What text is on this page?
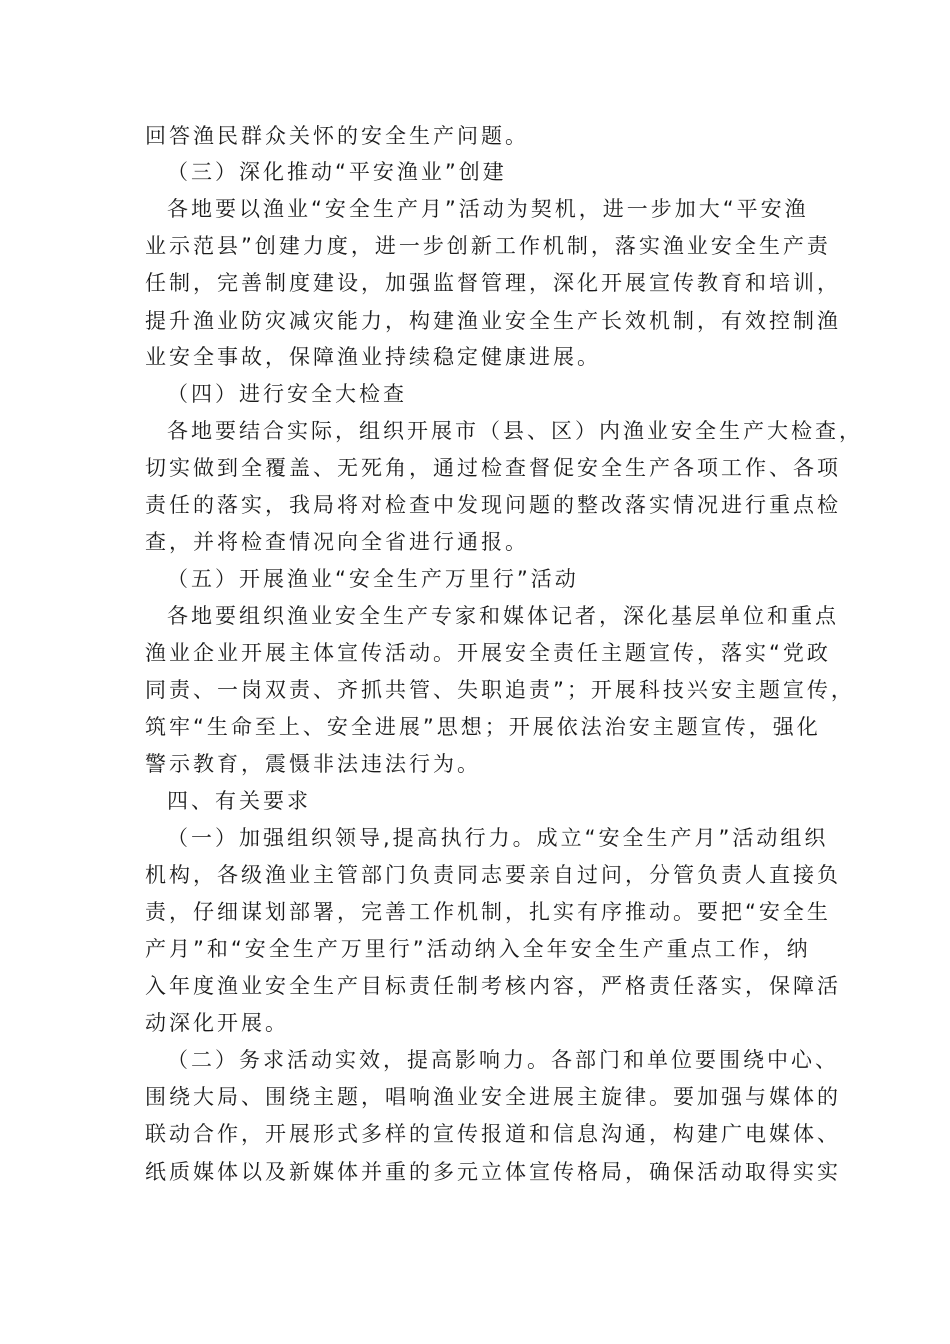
回答渔民群众关怀的安全生产问题。

（三）深化推动“平安渔业”创建

各地要以渔业“安全生产月”活动为契机，进一步加大“平安渔

业示范县”创建力度，进一步创新工作机制，落实渔业安全生产责

任制，完善制度建设，加强监督管理，深化开展宣传教育和培训，

提升渔业防灾减灾能力，构建渔业安全生产长效机制，有效控制渔

业安全事故，保障渔业持续稳定健康进展。

（四）进行安全大检查

各地要结合实际，组织开展市（县、区）内渔业安全生产大检查，

切实做到全覆盖、无死角，通过检查督促安全生产各项工作、各项

责任的落实，我局将对检查中发现问题的整改落实情况进行重点检

查，并将检查情况向全省进行通报。

（五）开展渔业“安全生产万里行”活动

各地要组织渔业安全生产专家和媒体记者，深化基层单位和重点

渔业企业开展主体宣传活动。开展安全责任主题宣传，落实“党政

同责、一岗双责、齐抓共管、失职追责”；开展科技兴安主题宣传，

筑牢“生命至上、安全进展”思想；开展依法治安主题宣传，强化

警示教育，震慑非法违法行为。

四、有关要求

（一）加强组织领导,提高执行力。成立“安全生产月”活动组织

机构，各级渔业主管部门负责同志要亲自过问，分管负责人直接负

责，仔细谋划部署，完善工作机制，扎实有序推动。要把“安全生

产月”和“安全生产万里行”活动纳入全年安全生产重点工作，纳

入年度渔业安全生产目标责任制考核内容，严格责任落实，保障活

动深化开展。

（二）务求活动实效，提高影响力。各部门和单位要围绕中心、

围绕大局、围绕主题，唱响渔业安全进展主旋律。要加强与媒体的

联动合作，开展形式多样的宣传报道和信息沟通，构建广电媒体、

纸质媒体以及新媒体并重的多元立体宣传格局，确保活动取得实实
